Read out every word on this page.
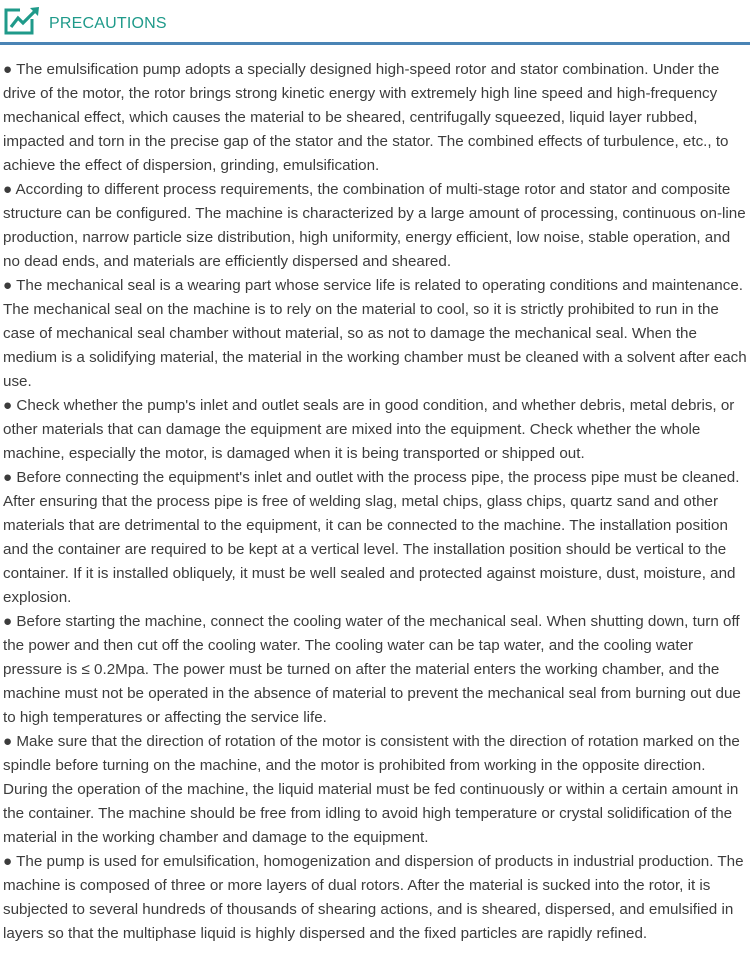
PRECAUTIONS

● The emulsification pump adopts a specially designed high-speed rotor and stator combination. Under the drive of the motor, the rotor brings strong kinetic energy with extremely high line speed and high-frequency mechanical effect, which causes the material to be sheared, centrifugally squeezed, liquid layer rubbed, impacted and torn in the precise gap of the stator and the stator. The combined effects of turbulence, etc., to achieve the effect of dispersion, grinding, emulsification.

● According to different process requirements, the combination of multi-stage rotor and stator and composite structure can be configured. The machine is characterized by a large amount of processing, continuous on-line production, narrow particle size distribution, high uniformity, energy efficient, low noise, stable operation, and no dead ends, and materials are efficiently dispersed and sheared.

● The mechanical seal is a wearing part whose service life is related to operating conditions and maintenance. The mechanical seal on the machine is to rely on the material to cool, so it is strictly prohibited to run in the case of mechanical seal chamber without material, so as not to damage the mechanical seal. When the medium is a solidifying material, the material in the working chamber must be cleaned with a solvent after each use.

● Check whether the pump's inlet and outlet seals are in good condition, and whether debris, metal debris, or other materials that can damage the equipment are mixed into the equipment. Check whether the whole machine, especially the motor, is damaged when it is being transported or shipped out.

● Before connecting the equipment's inlet and outlet with the process pipe, the process pipe must be cleaned. After ensuring that the process pipe is free of welding slag, metal chips, glass chips, quartz sand and other materials that are detrimental to the equipment, it can be connected to the machine. The installation position and the container are required to be kept at a vertical level. The installation position should be vertical to the container. If it is installed obliquely, it must be well sealed and protected against moisture, dust, moisture, and explosion.

● Before starting the machine, connect the cooling water of the mechanical seal. When shutting down, turn off the power and then cut off the cooling water. The cooling water can be tap water, and the cooling water pressure is ≤ 0.2Mpa. The power must be turned on after the material enters the working chamber, and the machine must not be operated in the absence of material to prevent the mechanical seal from burning out due to high temperatures or affecting the service life.

● Make sure that the direction of rotation of the motor is consistent with the direction of rotation marked on the spindle before turning on the machine, and the motor is prohibited from working in the opposite direction. During the operation of the machine, the liquid material must be fed continuously or within a certain amount in the container. The machine should be free from idling to avoid high temperature or crystal solidification of the material in the working chamber and damage to the equipment.

● The pump is used for emulsification, homogenization and dispersion of products in industrial production. The machine is composed of three or more layers of dual rotors. After the material is sucked into the rotor, it is subjected to several hundreds of thousands of shearing actions, and is sheared, dispersed, and emulsified in layers so that the multiphase liquid is highly dispersed and the fixed particles are rapidly refined.
